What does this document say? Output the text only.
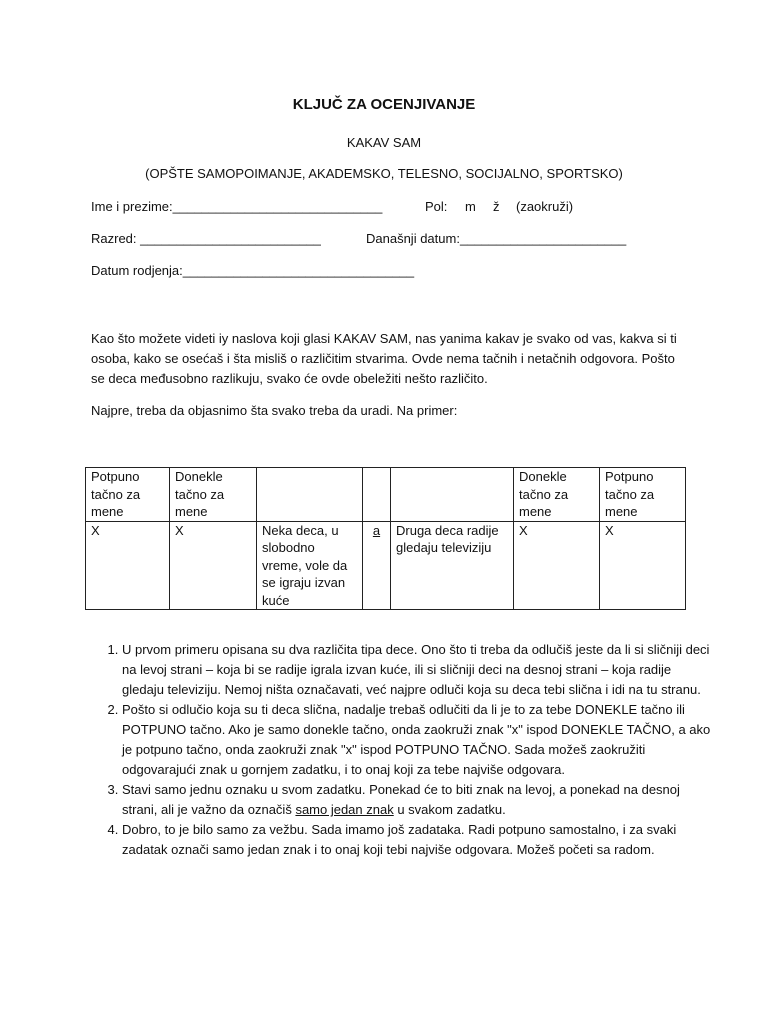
KLJUČ ZA OCENJIVANJE
KAKAV SAM
(OPŠTE SAMOPOIMANJE, AKADEMSKO, TELESNO, SOCIJALNO, SPORTSKO)
Ime i prezime:_____________________________	Pol: m ž (zaokruži)
Razred: _________________________	Današnji datum:_______________________
Datum rodjenja:________________________________
Kao što možete videti iy naslova koji glasi KAKAV SAM, nas yanima kakav je svako od vas, kakva si ti osoba, kako se osećaš i šta misliš o različitim stvarima. Ovde nema tačnih i netačnih odgovora. Pošto se deca međusobno razlikuju, svako će ovde obeležiti nešto različito.
Najpre, treba da objasnimo šta svako treba da uradi. Na primer:
Potpuno tačno za mene	Donekle tačno za mene				Donekle tačno za mene	Potpuno tačno za mene
X	X	Neka deca, u slobodno vreme, vole da se igraju izvan kuće	a	Druga deca radije gledaju televiziju	X	X
1. U prvom primeru opisana su dva različita tipa dece. Ono što ti treba da odlučiš jeste da li si sličniji deci na levoj strani – koja bi se radije igrala izvan kuće, ili si sličniji deci na desnoj strani – koja radije gledaju televiziju. Nemoj ništa označavati, već najpre odluči koja su deca tebi slična i idi na tu stranu.
2. Pošto si odlučio koja su ti deca slična, nadalje trebaš odlučiti da li je to za tebe DONEKLE tačno ili POTPUNO tačno. Ako je samo donekle tačno, onda zaokruži znak "x" ispod DONEKLE TAČNO, a ako je potpuno tačno, onda zaokruži znak "x" ispod POTPUNO TAČNO. Sada možeš zaokružiti odgovarajući znak u gornjem zadatku, i to onaj koji za tebe najviše odgovara.
3. Stavi samo jednu oznaku u svom zadatku. Ponekad će to biti znak na levoj, a ponekad na desnoj strani, ali je važno da označiš samo jedan znak u svakom zadatku.
4. Dobro, to je bilo samo za vežbu. Sada imamo još zadataka. Radi potpuno samostalno, i za svaki zadatak označi samo jedan znak i to onaj koji tebi najviše odgovara. Možeš početi sa radom.
